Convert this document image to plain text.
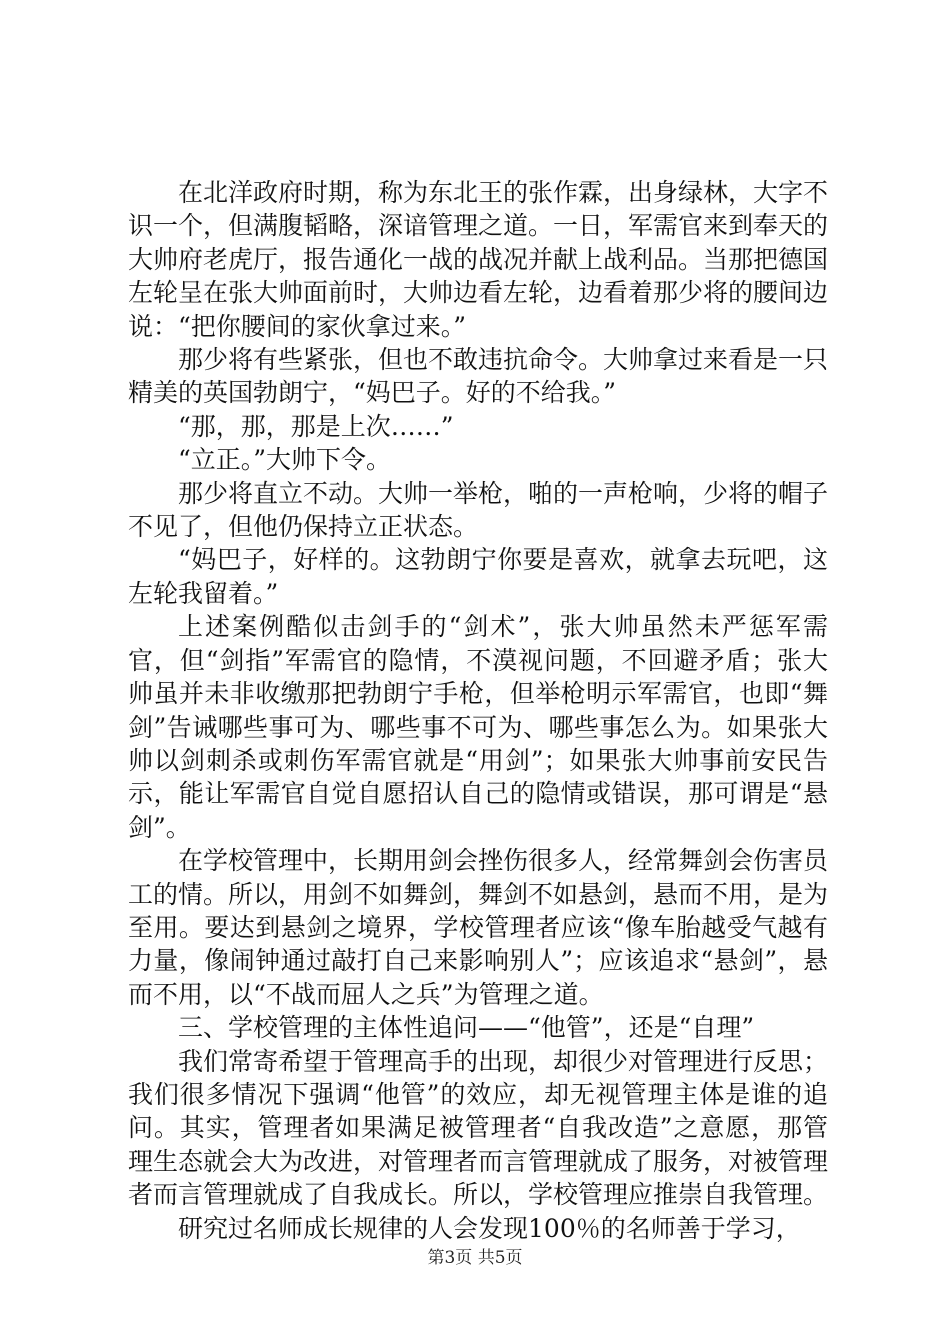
在北洋政府时期，称为东北王的张作霖，出身绿林，大字不识一个，但满腹韬略，深谙管理之道。一日，军需官来到奉天的大帅府老虎厅，报告通化一战的战况并献上战利品。当那把德国左轮呈在张大帅面前时，大帅边看左轮，边看着那少将的腰间边说：“把你腰间的家伙拿过来。”

那少将有些紧张，但也不敢违抗命令。大帅拿过来看是一只精美的英国勃朗宁，“妈巴子。好的不给我。”

“那，那，那是上次……”

“立正。”大帅下令。

那少将直立不动。大帅一举枪，啪的一声枪响，少将的帽子不见了，但他仍保持立正状态。

“妈巴子，好样的。这勃朗宁你要是喜欢，就拿去玩吧，这左轮我留着。”

上述案例酷似击剑手的“剑术”，张大帅虽然未严惩军需官，但“剑指”军需官的隐情，不漠视问题，不回避矛盾；张大帅虽并未非收缴那把勃朗宁手枪，但举枪明示军需官，也即“舞剑”告诫哪些事可为、哪些事不可为、哪些事怎么为。如果张大帅以剑刺杀或刺伤军需官就是“用剑”；如果张大帅事前安民告示，能让军需官自觉自愿招认自己的隐情或错误，那可谓是“悬剑”。

在学校管理中，长期用剑会挫伤很多人，经常舞剑会伤害员工的情。所以，用剑不如舞剑，舞剑不如悬剑，悬而不用，是为至用。要达到悬剑之境界，学校管理者应该“像车胎越受气越有力量，像闹钟通过敲打自己来影响别人”；应该追求“悬剑”，悬而不用，以“不战而屈人之兵”为管理之道。

三、学校管理的主体性追问——“他管”，还是“自理”

我们常寄希望于管理高手的出现，却很少对管理进行反思；我们很多情况下强调“他管”的效应，却无视管理主体是谁的追问。其实，管理者如果满足被管理者“自我改造”之意愿，那管理生态就会大为改进，对管理者而言管理就成了服务，对被管理者而言管理就成了自我成长。所以，学校管理应推崇自我管理。

研究过名师成长规律的人会发现100％的名师善于学习，

第3页 共5页
